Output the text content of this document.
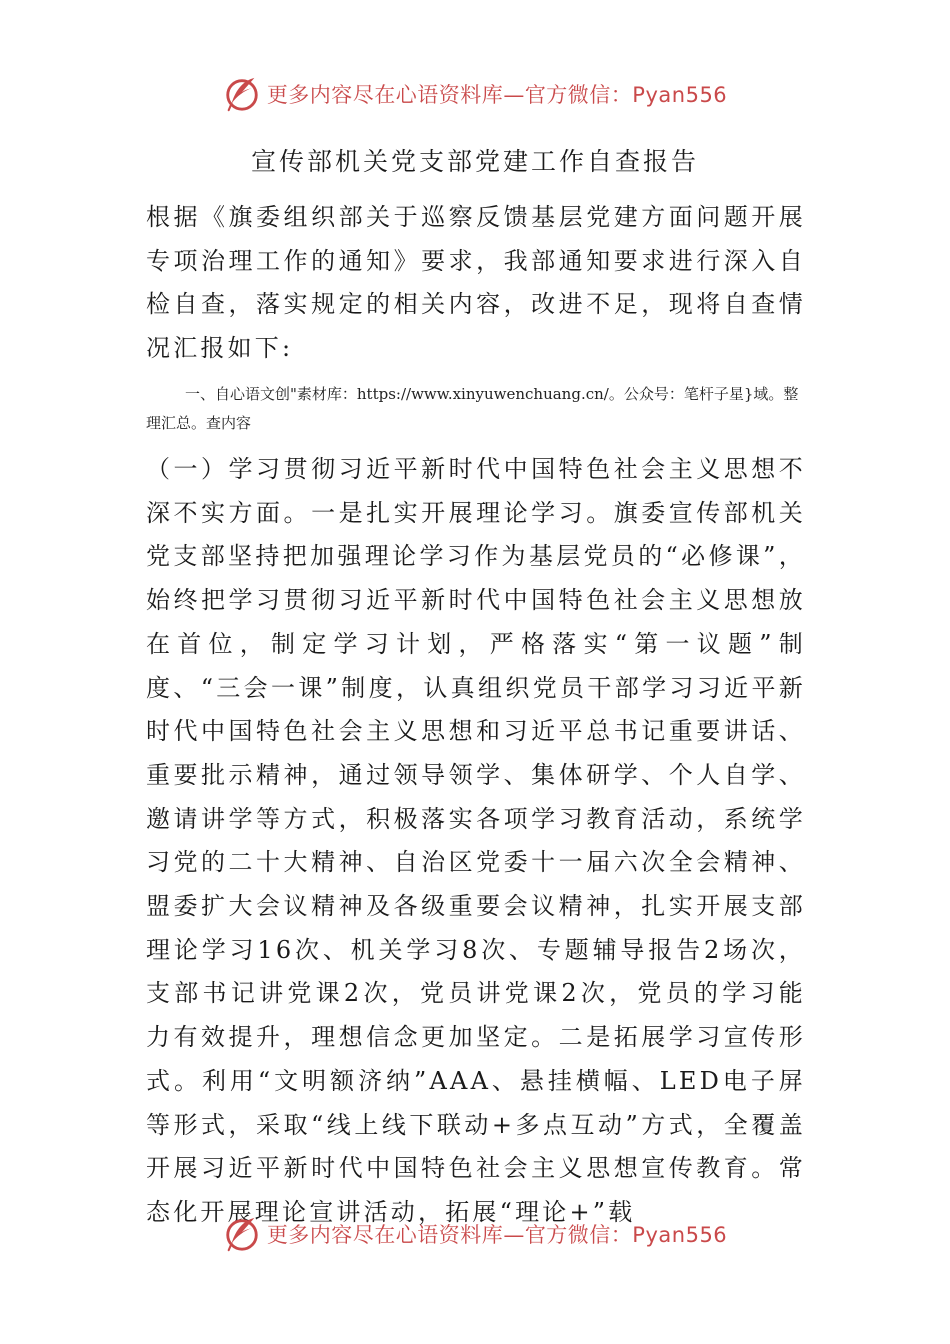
更多内容尽在心语资料库—官方微信：Pyan556
宣传部机关党支部党建工作自查报告

根据《旗委组织部关于巡察反馈基层党建方面问题开展专项治理工作的通知》要求，我部通知要求进行深入自检自查，落实规定的相关内容，改进不足，现将自查情况汇报如下:

一、自心语文创"素材库：https://www.xinyuwenchuang.cn/。公众号：笔杆子星}域。整理汇总。查内容

（一）学习贯彻习近平新时代中国特色社会主义思想不深不实方面。一是扎实开展理论学习。旗委宣传部机关党支部坚持把加强理论学习作为基层党员的“必修课”，始终把学习贯彻习近平新时代中国特色社会主义思想放在首位，制定学习计划，严格落实“第一议题”制度、“三会一课”制度，认真组织党员干部学习习近平新时代中国特色社会主义思想和习近平总书记重要讲话、重要批示精神，通过领导领学、集体研学、个人自学、邀请讲学等方式，积极落实各项学习教育活动，系统学习党的二十大精神、自治区党委十一届六次全会精神、盟委扩大会议精神及各级重要会议精神，扎实开展支部理论学习16次、机关学习8次、专题辅导报告2场次，支部书记讲党课2次，党员讲党课2次，党员的学习能力有效提升，理想信念更加坚定。二是拓展学习宣传形式。利用“文明额济纳”AAA、悬挂横幅、LED电子屏等形式，采取“线上线下联动+多点互动”方式，全覆盖开展习近平新时代中国特色社会主义思想宣传教育。常态化开展理论宣讲活动，拓展“理论+”载

更多内容尽在心语资料库—官方微信：Pyan556
